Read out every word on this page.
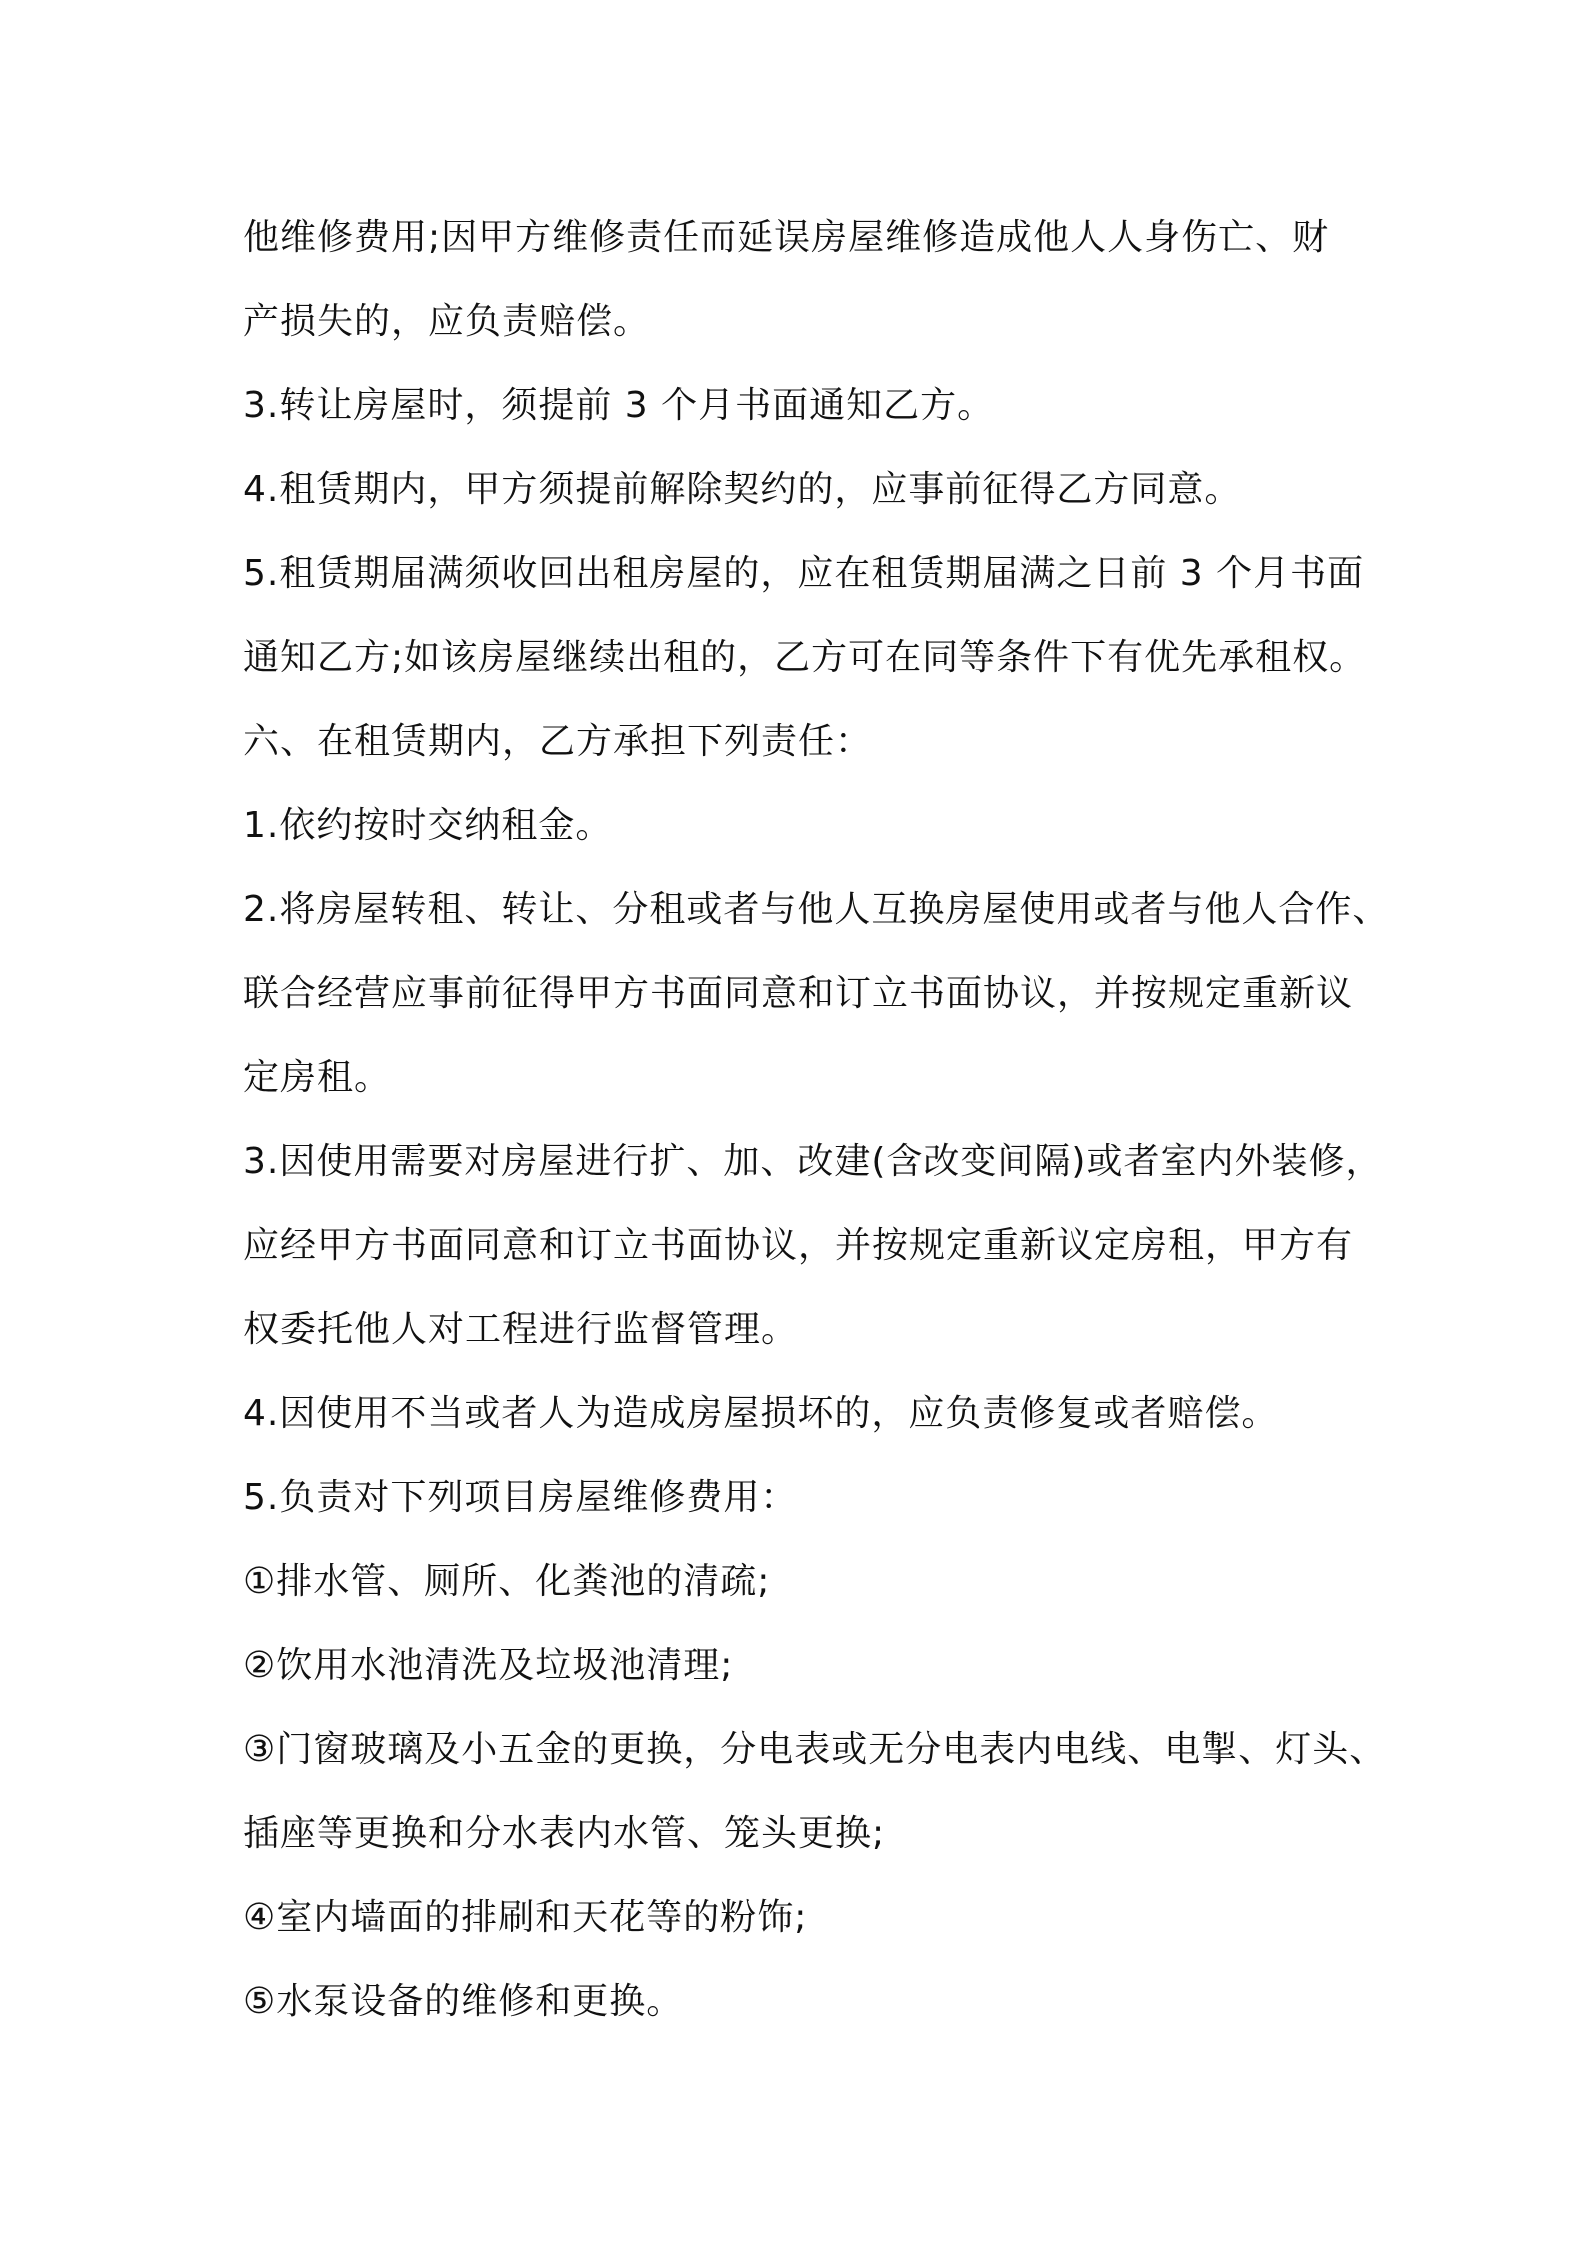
他维修费用;因甲方维修责任而延误房屋维修造成他人人身伤亡、财
产损失的，应负责赔偿。
3.转让房屋时，须提前 3 个月书面通知乙方。
4.租赁期内，甲方须提前解除契约的，应事前征得乙方同意。
5.租赁期届满须收回出租房屋的，应在租赁期届满之日前 3 个月书面
通知乙方;如该房屋继续出租的，乙方可在同等条件下有优先承租权。
六、在租赁期内，乙方承担下列责任：
1.依约按时交纳租金。
2.将房屋转租、转让、分租或者与他人互换房屋使用或者与他人合作、
联合经营应事前征得甲方书面同意和订立书面协议，并按规定重新议
定房租。
3.因使用需要对房屋进行扩、加、改建(含改变间隔)或者室内外装修，
应经甲方书面同意和订立书面协议，并按规定重新议定房租，甲方有
权委托他人对工程进行监督管理。
4.因使用不当或者人为造成房屋损坏的，应负责修复或者赔偿。
5.负责对下列项目房屋维修费用：
①排水管、厕所、化粪池的清疏;
②饮用水池清洗及垃圾池清理;
③门窗玻璃及小五金的更换，分电表或无分电表内电线、电掣、灯头、
插座等更换和分水表内水管、笼头更换;
④室内墙面的排刷和天花等的粉饰;
⑤水泵设备的维修和更换。
